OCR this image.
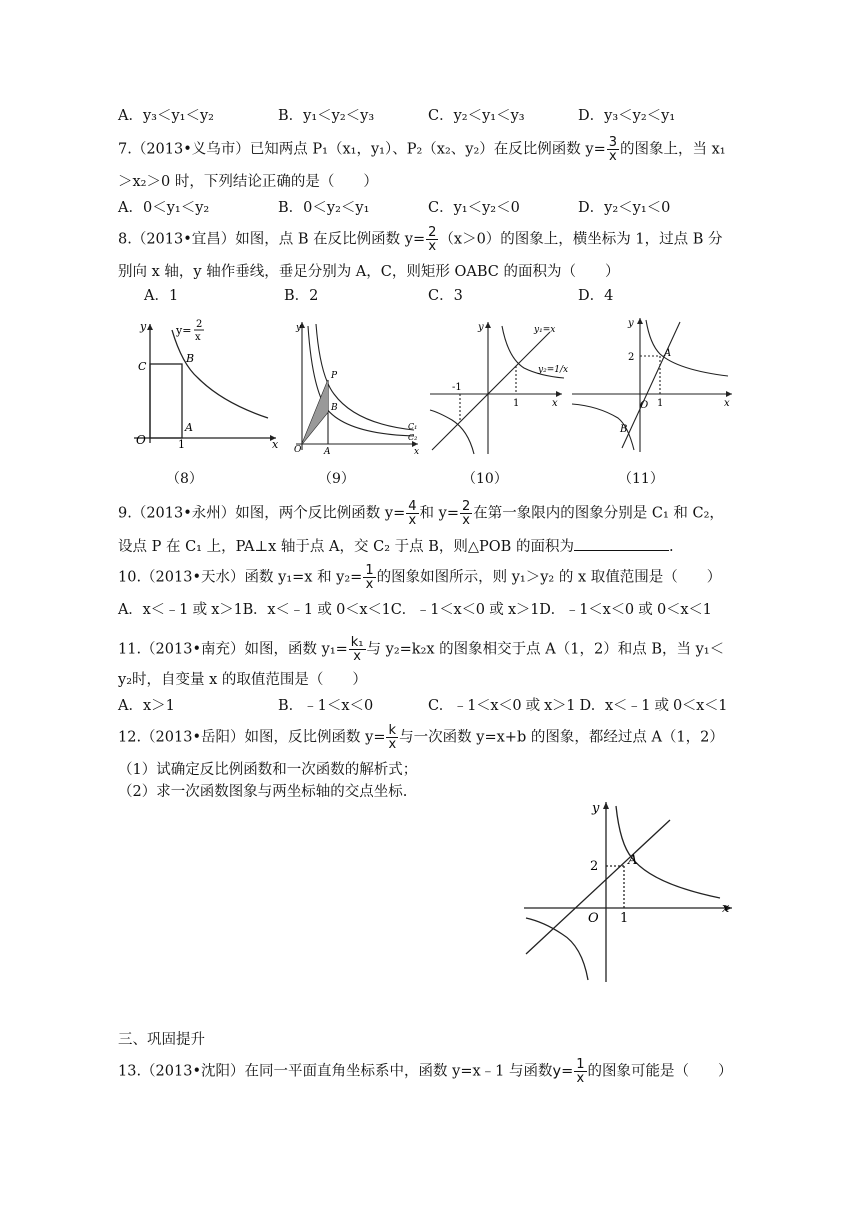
A．y₃＜y₁＜y₂	B．y₁＜y₂＜y₃	C．y₂＜y₁＜y₃	D．y₃＜y₂＜y₁
7.（2013•义乌市）已知两点 P₁（x₁，y₁）、P₂（x₂、y₂）在反比例函数 $y= \frac{3}{x}$ 的图象上，当 x₁
＞x₂＞0 时，下列结论正确的是（　　）
A．0＜y₁＜y₂	B．0＜y₂＜y₁	C．y₁＜y₂＜0	D．y₂＜y₁＜0
8.（2013•宜昌）如图，点 B 在反比例函数 $y= \frac{2}{x} (x>0)$的图象上，横坐标为 1，过点 B 分
别向 x 轴，y 轴作垂线，垂足分别为 A，C，则矩形 OABC 的面积为（　　）
A．1	B．2	C．3	D．4
y
x
O
A
B
C
1
y= 2
x
y
x
O	A
P
B
C₁
C₂
y
x
y₁=x
y₂=1/x
-1
1
y
x
O
A
B
2
1
（8）	（9）	（10）	（11）
9.（2013•永州）如图，两个反比例函数 $y= \frac{4}{x}$ 和 $y= \frac{2}{x}$ 在第一象限内的图象分别是 C₁ 和 C₂，
设点 P 在 C₁ 上，PA⊥x 轴于点 A，交 C₂ 于点 B，则△POB 的面积为	.
10.（2013•天水）函数 y₁=x 和 $y_2= \frac{1}{x}$ 的图象如图所示，则 y₁＞y₂ 的 x 取值范围是（　　）
A．x＜﹣1 或 x＞1B．x＜﹣1 或 0＜x＜1C．﹣1＜x＜0 或 x＞1D．﹣1＜x＜0 或 0＜x＜1
11.（2013•南充）如图，函数 $y_1= \frac{\text{k₁}}{x}$ 与 y₂=k₂x 的图象相交于点 A（1，2）和点 B，当 y₁＜
y₂时，自变量 x 的取值范围是（　　）
A．x＞1	B．﹣1＜x＜0	C．﹣1＜x＜0 或 x＞1 D．x＜﹣1 或 0＜x＜1
12.（2013•岳阳）如图，反比例函数 $y= \frac{k}{x}$ 与一次函数 y=x+b 的图象，都经过点 A（1，2）
（1）试确定反比例函数和一次函数的解析式；
（2）求一次函数图象与两坐标轴的交点坐标.
y
x
O
A
2
1
三、巩固提升
13.（2013•沈阳）在同一平面直角坐标系中，函数 y=x﹣1 与函数$y= \frac{1}{x}$ 的图象可能是（　　）
